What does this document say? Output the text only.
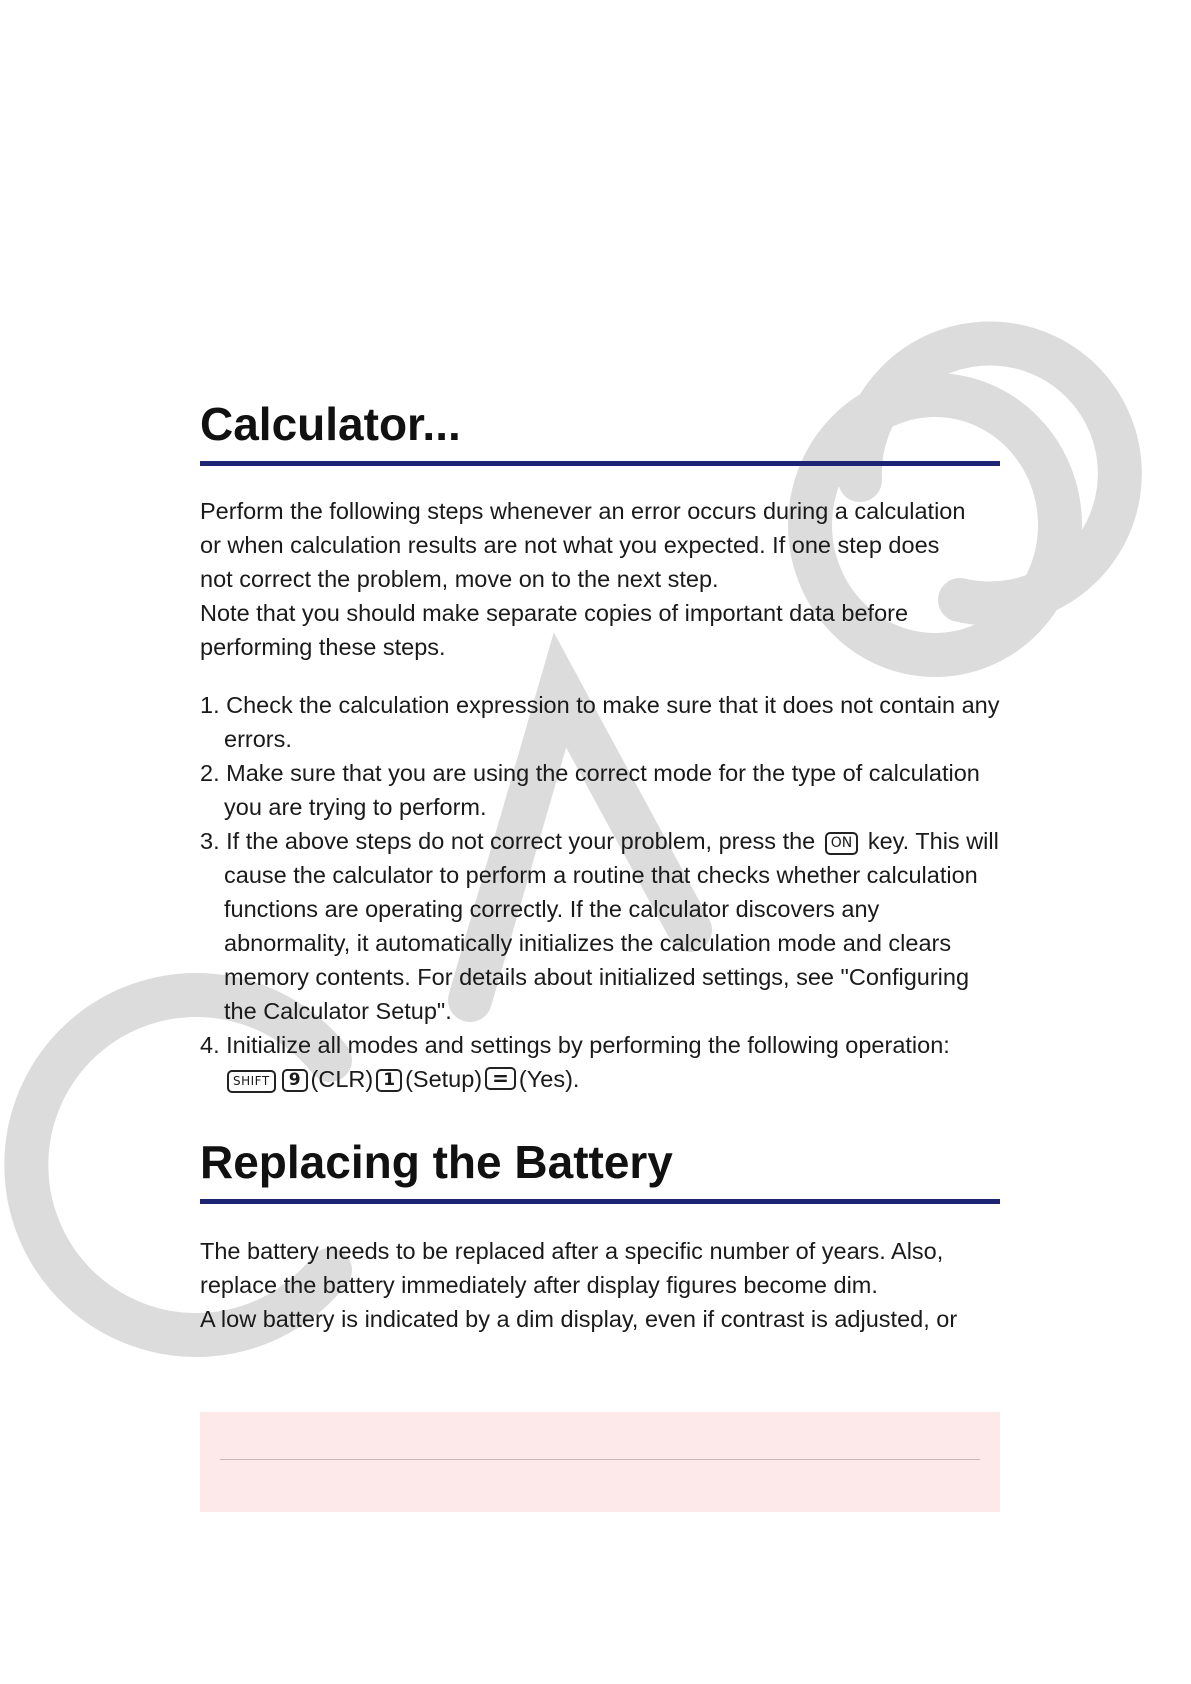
Calculator...

Perform the following steps whenever an error occurs during a calculation

or when calculation results are not what you expected. If one step does

not correct the problem, move on to the next step.

Note that you should make separate copies of important data before

performing these steps.

1. Check the calculation expression to make sure that it does not contain any errors.
2. Make sure that you are using the correct mode for the type of calculation you are trying to perform.
3. If the above steps do not correct your problem, press the ON key. This will cause the calculator to perform a routine that checks whether calculation functions are operating correctly. If the calculator discovers any abnormality, it automatically initializes the calculation mode and clears memory contents. For details about initialized settings, see "Configuring the Calculator Setup".
4. Initialize all modes and settings by performing the following operation: SHIFT 9 (CLR) 1 (Setup) = (Yes).
Replacing the Battery

The battery needs to be replaced after a specific number of years. Also,

replace the battery immediately after display figures become dim.

A low battery is indicated by a dim display, even if contrast is adjusted, or
